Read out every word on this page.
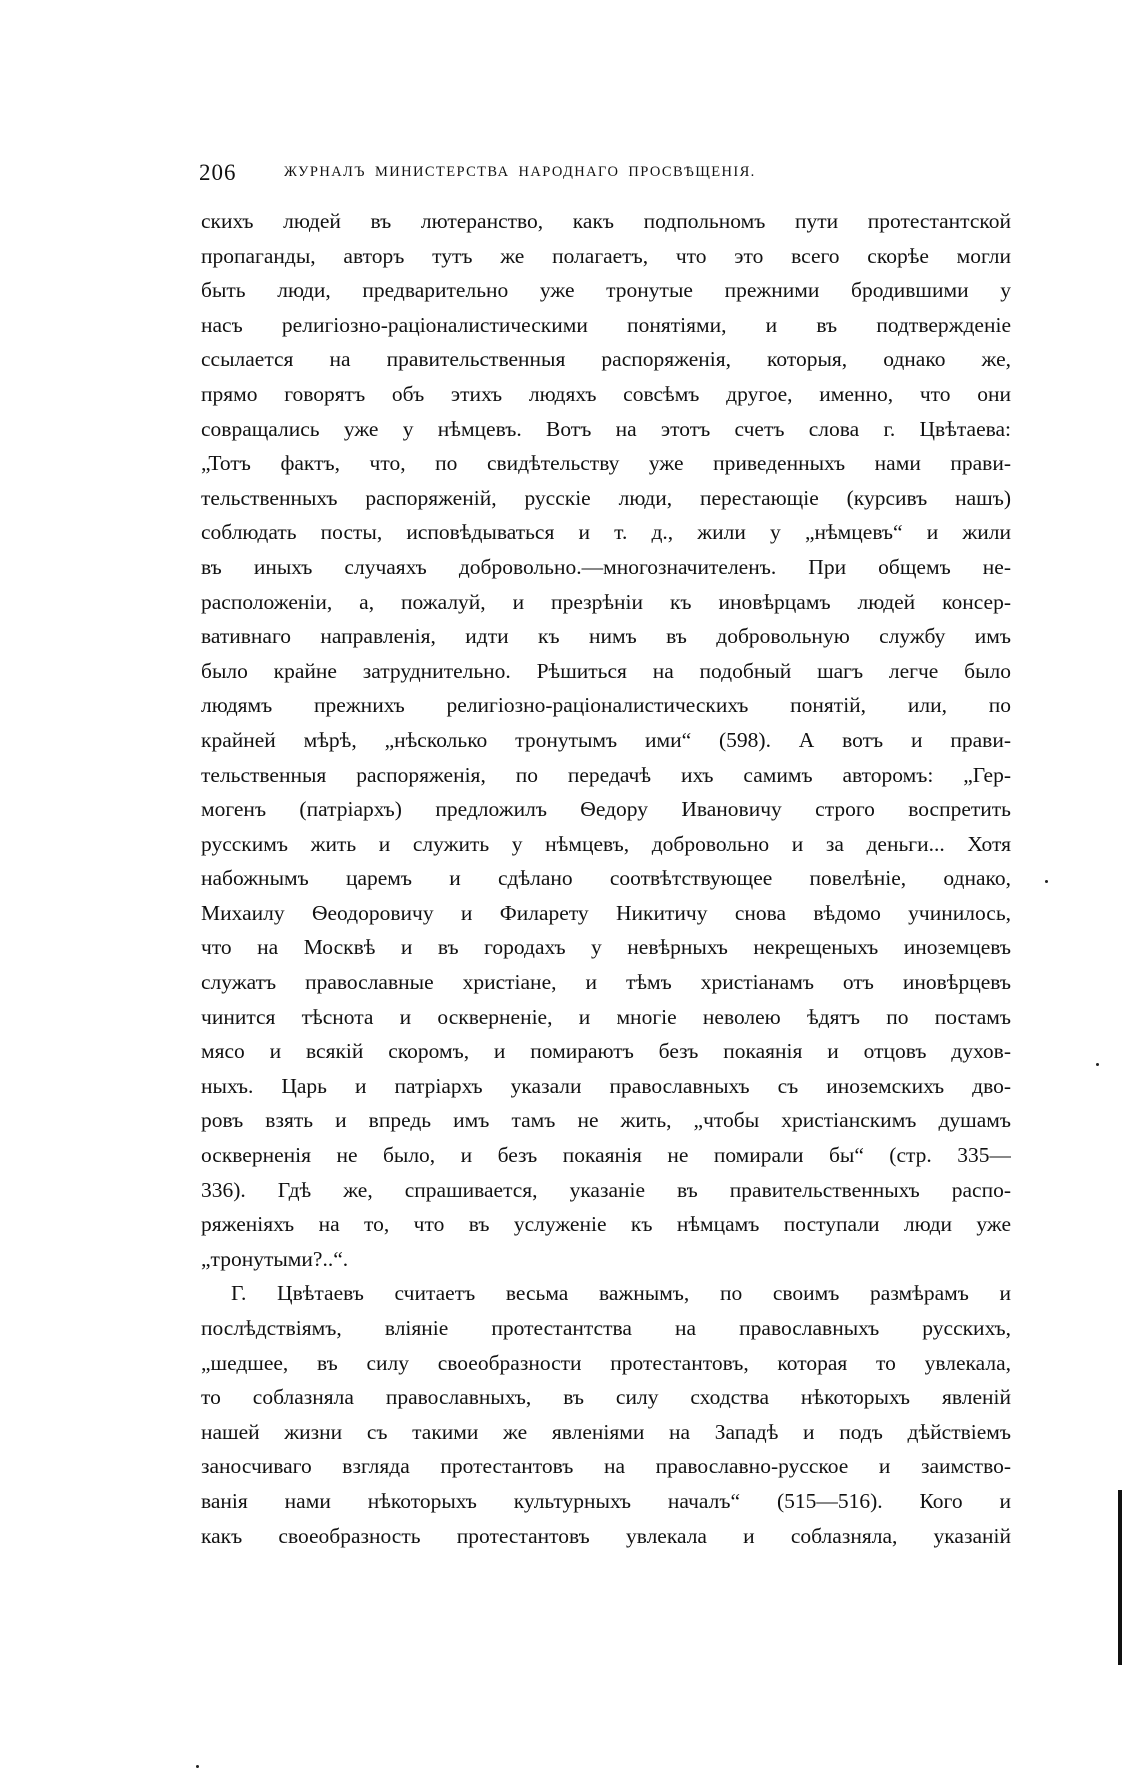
206	ЖУРНАЛЪ МИНИСТЕРСТВА НАРОДНАГО ПРОСВѢЩЕНІЯ.
скихъ людей въ лютеранство, какъ подпольномъ пути протестантской
пропаганды, авторъ тутъ же полагаетъ, что это всего скорѣе могли
быть люди, предварительно уже тронутые прежними бродившими у
насъ религіозно-раціоналистическими понятіями, и въ подтвержденіе
ссылается на правительственныя распоряженія, которыя, однако же,
прямо говорятъ объ этихъ людяхъ совсѣмъ другое, именно, что они
совращались уже у нѣмцевъ. Вотъ на этотъ счетъ слова г. Цвѣтаева:
„Тотъ фактъ, что, по свидѣтельству уже приведенныхъ нами прави-
тельственныхъ распоряженій, русскіе люди, перестающіе (курсивъ нашъ)
соблюдать посты, исповѣдываться и т. д., жили у „нѣмцевъ“ и жили
въ иныхъ случаяхъ добровольно.—многозначителенъ. При общемъ не-
расположеніи, а, пожалуй, и презрѣніи къ иновѣрцамъ людей консер-
вативнаго направленія, идти къ нимъ въ добровольную службу имъ
было крайне затруднительно. Рѣшиться на подобный шагъ легче было
людямъ прежнихъ религіозно-раціоналистическихъ понятій, или, по
крайней мѣрѣ, „нѣсколько тронутымъ ими“ (598). А вотъ и прави-
тельственныя распоряженія, по передачѣ ихъ самимъ авторомъ: „Гер-
могенъ (патріархъ) предложилъ Ѳедору Ивановичу строго воспретить
русскимъ жить и служить у нѣмцевъ, добровольно и за деньги... Хотя
набожнымъ царемъ и сдѣлано соотвѣтствующее повелѣніе, однако,
Михаилу Ѳеодоровичу и Филарету Никитичу снова вѣдомо учинилось,
что на Москвѣ и въ городахъ у невѣрныхъ некрещеныхъ иноземцевъ
служатъ православные христіане, и тѣмъ христіанамъ отъ иновѣрцевъ
чинится тѣснота и оскверненіе, и многіе неволею ѣдятъ по постамъ
мясо и всякій скоромъ, и помираютъ безъ покаянія и отцовъ духов-
ныхъ. Царь и патріархъ указали православныхъ съ иноземскихъ дво-
ровъ взять и впредь имъ тамъ не жить, „чтобы христіанскимъ душамъ
оскверненія не было, и безъ покаянія не помирали бы“ (стр. 335—
336). Гдѣ же, спрашивается, указаніе въ правительственныхъ распо-
ряженіяхъ на то, что въ услуженіе къ нѣмцамъ поступали люди уже
„тронутыми?..“.
Г. Цвѣтаевъ считаетъ весьма важнымъ, по своимъ размѣрамъ и
послѣдствіямъ, вліяніе протестантства на православныхъ русскихъ,
„шедшее, въ силу своеобразности протестантовъ, которая то увлекала,
то соблазняла православныхъ, въ силу сходства нѣкоторыхъ явленій
нашей жизни съ такими же явленіями на Западѣ и подъ дѣйствіемъ
заносчиваго взгляда протестантовъ на православно-русское и заимство-
ванія нами нѣкоторыхъ культурныхъ началъ“ (515—516). Кого и
какъ своеобразность протестантовъ увлекала и соблазняла, указаній
